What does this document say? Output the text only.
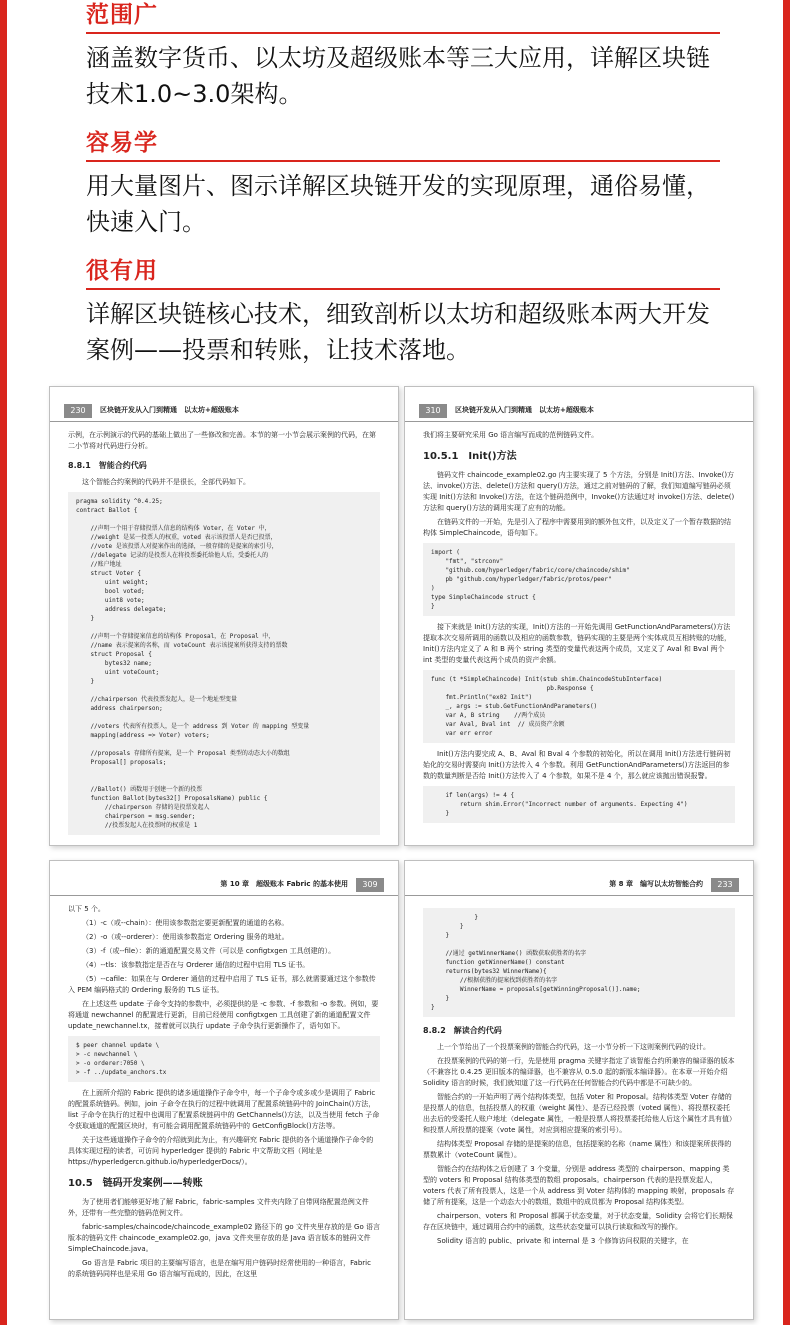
范围广
涵盖数字货币、以太坊及超级账本等三大应用，详解区块链
技术1.0~3.0架构。
容易学
用大量图片、图示详解区块链开发的实现原理，通俗易懂，
快速入门。
很有用
详解区块链核心技术，细致剖析以太坊和超级账本两大开发
案例——投票和转账，让技术落地。
230	区块链开发从入门到精通　以太坊+超级账本

示例，在示例演示的代码的基础上做出了一些修改和完善。本节的第一小节会展示案例的代码，在第二小节将对代码进行分析。

8.8.1　智能合约代码

这个智能合约案例的代码并不是很长，全部代码如下。

pragma solidity ^0.4.25;
contract Ballot {

//声明一个用于存储投票人信息的结构体 Voter，在 Voter 中，
//weight 是某一投票人的权重，voted 表示该投票人是否已投票，
//vote 是该投票人对提案作出的选择，一般存储的是提案的索引号，
//delegate 记录的是投票人在将投票委托给他人后，受委托人的
//账户地址
struct Voter {
uint weight;
bool voted;
uint8 vote;
address delegate;
}

//声明一个存储提案信息的结构体 Proposal，在 Proposal 中，
//name 表示提案的名称，而 voteCount 表示该提案所获得支持的票数
struct Proposal {
bytes32 name;
uint voteCount;
}

//chairperson 代表投票发起人，是一个地址型变量
address chairperson;

//voters 代表所有投票人，是一个 address 到 Voter 的 mapping 型变量
mapping(address => Voter) voters;

//proposals 存储所有提案，是一个 Proposal 类型的动态大小的数组
Proposal[] proposals;

//Ballot() 函数用于创建一个新的投票
function Ballot(bytes32[] ProposalsName) public {
//chairperson 存储的是投票发起人
chairperson = msg.sender;
//投票发起人在投票时的权重是 1
310	区块链开发从入门到精通　以太坊+超级账本

我们将主要研究采用 Go 语言编写而成的范例链码文件。

10.5.1　Init()方法

链码文件 chaincode_example02.go 内主要实现了 5 个方法，分别是 Init()方法、Invoke()方法、invoke()方法、delete()方法和 query()方法，通过之前对链码的了解，我们知道编写链码必须实现 Init()方法和 Invoke()方法，在这个链码范例中，Invoke()方法通过对 invoke()方法、delete()方法和 query()方法的调用实现了应有的功能。

在链码文件的一开始，先是引入了程序中需要用到的额外包文件，以及定义了一个暂存数据的结构体 SimpleChaincode，语句如下。

import (
"fmt", "strconv"
"github.com/hyperledger/fabric/core/chaincode/shim"
pb "github.com/hyperledger/fabric/protos/peer"
)
type SimpleChaincode struct {
}

接下来就是 Init()方法的实现，Init()方法的一开始先调用 GetFunctionAndParameters()方法提取本次交易所调用的函数以及相应的函数参数，链码实现的主要是两个实体成员互相转账的功能，Init()方法内定义了 A 和 B 两个 string 类型的变量代表这两个成员，又定义了 Aval 和 Bval 两个 int 类型的变量代表这两个成员的资产余额。

func (t *SimpleChaincode) Init(stub shim.ChaincodeStubInterface)
pb.Response {
fmt.Println("ex02 Init")
_, args := stub.GetFunctionAndParameters()
var A, B string    //两个成员
var Aval, Bval int  // 成员资产余额
var err error

Init()方法内要完成 A、B、Aval 和 Bval 4 个参数的初始化，所以在调用 Init()方法进行链码初始化的交易时需要向 Init()方法传入 4 个参数。利用 GetFunctionAndParameters()方法返回的参数的数量判断是否给 Init()方法传入了 4 个参数，如果不是 4 个，那么就应该抛出错误报警。

if len(args) != 4 {
return shim.Error("Incorrect number of arguments. Expecting 4")
}
第 10 章　超级账本 Fabric 的基本使用	309

以下 5 个。

（1）-c（或--chain）：使用该参数指定要更新配置的通道的名称。

（2）-o（或--orderer）：使用该参数指定 Ordering 服务的地址。

（3）-f（或--file）：新的通道配置交易文件（可以是 configtxgen 工具创建的）。

（4）--tls：该参数指定是否在与 Orderer 通信的过程中启用 TLS 证书。

（5）--cafile：如果在与 Orderer 通信的过程中启用了 TLS 证书，那么就需要通过这个参数传入 PEM 编码格式的 Ordering 服务的 TLS 证书。

在上述这些 update 子命令支持的参数中，必须提供的是 -c 参数、-f 参数和 -o 参数。例如，要将通道 newchannel 的配置进行更新，目前已经使用 configtxgen 工具创建了新的通道配置文件 update_newchannel.tx，接着就可以执行 update 子命令执行更新操作了，语句如下。

$ peer channel update \
> -c newchannel \
> -o orderer:7050 \
> -f ../update_anchors.tx

在上面所介绍的 Fabric 提供的诸多通道操作子命令中，每一个子命令或多或少是调用了 Fabric 的配置系统链码。例如，join 子命令在执行的过程中就调用了配置系统链码中的 JoinChain()方法，list 子命令在执行的过程中也调用了配置系统链码中的 GetChannels()方法，以及当使用 fetch 子命令获取通道的配置区块时，有可能会调用配置系统链码中的 GetConfigBlock()方法等。

关于这些通道操作子命令的介绍就到此为止，有兴趣研究 Fabric 提供的各个通道操作子命令的具体实现过程的读者，可访问 hyperledger 提供的 Fabric 中文帮助文档（网址是 https://hyperledgercn.github.io/hyperledgerDocs/）。

10.5　链码开发案例——转账

为了使用者们能够更好地了解 Fabric，fabric-samples 文件夹内除了自带网络配置范例文件外，还带有一些完整的链码范例文件。

fabric-samples/chaincode/chaincode_example02 路径下的 go 文件夹里存放的是 Go 语言版本的链码文件 chaincode_example02.go，java 文件夹里存放的是 Java 语言版本的链码文件 SimpleChaincode.java。

Go 语言是 Fabric 项目的主要编写语言，也是在编写用户链码时经常使用的一种语言，Fabric 的系统链码同样也是采用 Go 语言编写而成的，因此，在这里

第 8 章　编写以太坊智能合约	233
}
}
}

//通过 getWinnerName() 函数获取获胜者的名字
function getWinnerName() constant
returns(bytes32 WinnerName){
//根据获胜的提案找到获胜者的名字
WinnerName = proposals[getWinningProposal()].name;
}
}
8.8.2　解读合约代码

上一个节给出了一个投票案例的智能合约代码，这一小节分析一下这则案例代码的设计。

在投票案例的代码的第一行，先是使用 pragma 关键字指定了该智能合约所兼容的编译器的版本（不兼容比 0.4.25 更旧版本的编译器，也不兼容从 0.5.0 起的新版本编译器）。在本章一开始介绍 Solidity 语言的时候，我们就知道了这一行代码在任何智能合约代码中都是不可缺少的。

智能合约的一开始声明了两个结构体类型，包括 Voter 和 Proposal。结构体类型 Voter 存储的是投票人的信息，包括投票人的权重（weight 属性）、是否已经投票（voted 属性）、将投票权委托出去后的受委托人账户地址（delegate 属性，一般是投票人将投票委托给他人后这个属性才具有值）和投票人所投票的提案（vote 属性，对应到相应提案的索引号）。

结构体类型 Proposal 存储的是提案的信息，包括提案的名称（name 属性）和该提案所获得的票数累计（voteCount 属性）。

智能合约在结构体之后创建了 3 个变量，分别是 address 类型的 chairperson、mapping 类型的 voters 和 Proposal 结构体类型的数组 proposals。chairperson 代表的是投票发起人，voters 代表了所有投票人，这是一个从 address 到 Voter 结构体的 mapping 映射，proposals 存储了所有提案，这是一个动态大小的数组，数组中的成员都为 Proposal 结构体类型。

chairperson、voters 和 Proposal 都属于状态变量，对于状态变量，Solidity 会将它们长期保存在区块链中，通过调用合约中的函数，这些状态变量可以执行读取和改写的操作。

Solidity 语言的 public、private 和 internal 是 3 个修饰访问权限的关键字，在
